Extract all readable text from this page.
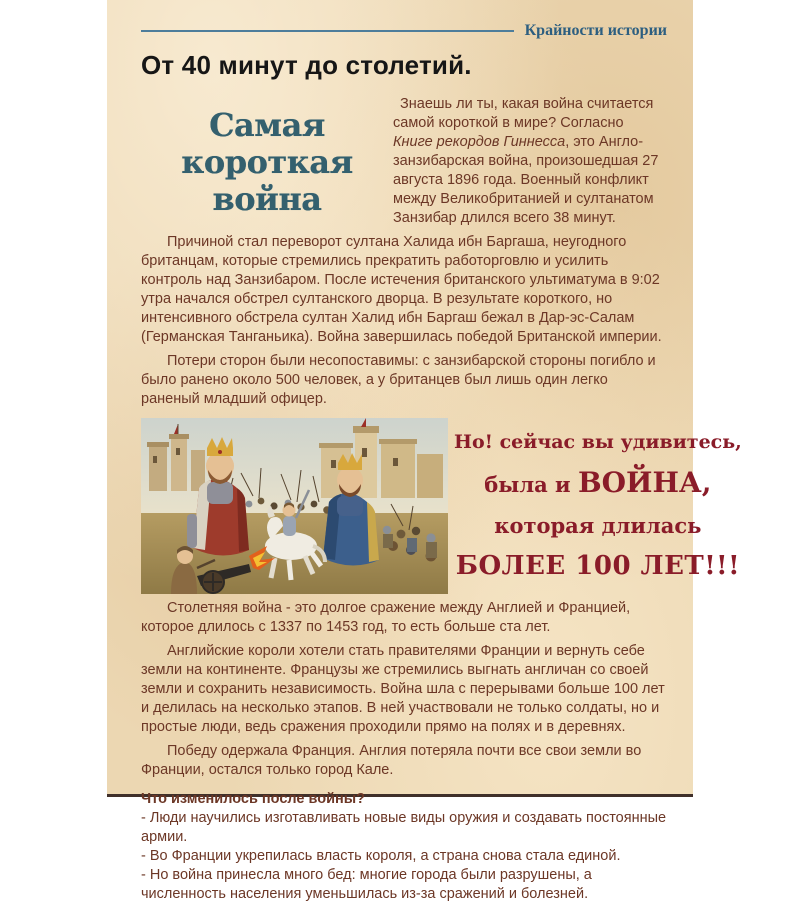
Крайности истории
От 40 минут до столетий.
Самая короткая
война
Знаешь ли ты, какая война считается самой короткой в мире? Согласно Книге рекордов Гиннесса, это Англо-занзибарская война, произошедшая 27 августа 1896 года. Военный конфликт между Великобританией и султанатом Занзибар длился всего 38 минут.

Причиной стал переворот султана Халида ибн Баргаша, неугодного британцам, которые стремились прекратить работорговлю и усилить контроль над Занзибаром. После истечения британского ультиматума в 9:02 утра начался обстрел султанского дворца. В результате короткого, но интенсивного обстрела султан Халид ибн Баргаш бежал в Дар-эс-Салам (Германская Танганьика). Война завершилась победой Британской империи.

Потери сторон были несопоставимы: с занзибарской стороны погибло и было ранено около 500 человек, а у британцев был лишь один легко раненый младший офицер.

Но! сейчас вы удивитесь,
была и ВОЙНА,
которая длилась
БОЛЕЕ 100 ЛЕТ!!!

Столетняя война - это долгое сражение между Англией и Францией, которое длилось с 1337 по 1453 год, то есть больше ста лет.

Английские короли хотели стать правителями Франции и вернуть себе земли на континенте. Французы же стремились выгнать англичан со своей земли и сохранить независимость. Война шла с перерывами больше 100 лет и делилась на несколько этапов. В ней участвовали не только солдаты, но и простые люди, ведь сражения проходили прямо на полях и в деревнях.

Победу одержала Франция. Англия потеряла почти все свои земли во Франции, остался только город Кале.

Что изменилось после войны?

- Люди научились изготавливать новые виды оружия и создавать постоянные армии.

- Во Франции укрепилась власть короля, а страна снова стала единой.

- Но война принесла много бед: многие города были разрушены, а численность населения уменьшилась из-за сражений и болезней.
